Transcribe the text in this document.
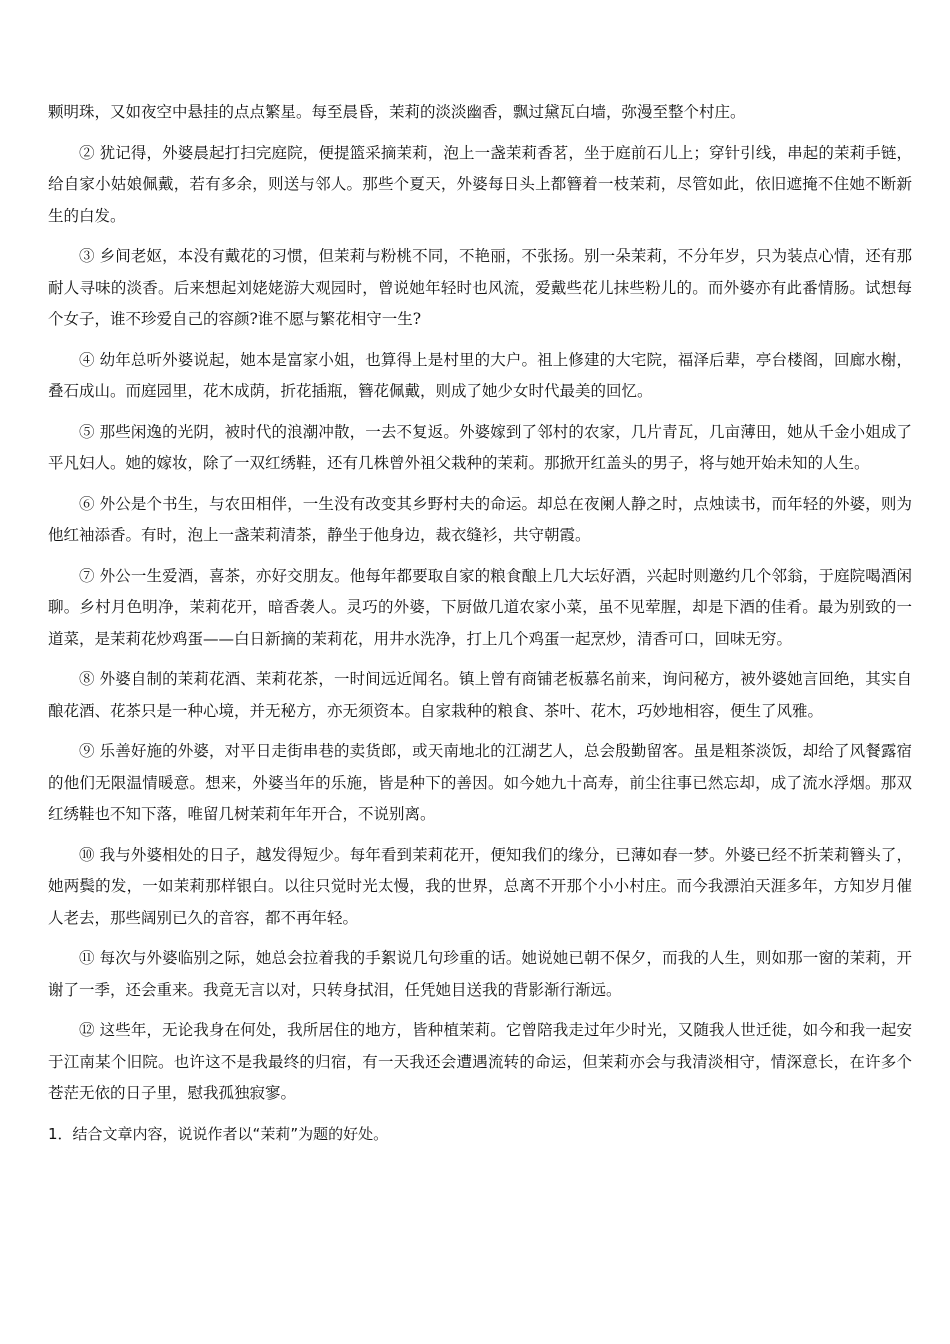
颗明珠，又如夜空中悬挂的点点繁星。每至晨昏，茉莉的淡淡幽香，飘过黛瓦白墙，弥漫至整个村庄。

② 犹记得，外婆晨起打扫完庭院，便提篮采摘茉莉，泡上一盏茉莉香茗，坐于庭前石儿上；穿针引线，串起的茉莉手链，给自家小姑娘佩戴，若有多余，则送与邻人。那些个夏天，外婆每日头上都簪着一枝茉莉，尽管如此，依旧遮掩不住她不断新生的白发。

③ 乡间老妪，本没有戴花的习惯，但茉莉与粉桃不同，不艳丽，不张扬。别一朵茉莉，不分年岁，只为装点心情，还有那耐人寻味的淡香。后来想起刘姥姥游大观园时，曾说她年轻时也风流，爱戴些花儿抹些粉儿的。而外婆亦有此番情肠。试想每个女子，谁不珍爱自己的容颜?谁不愿与繁花相守一生?

④ 幼年总听外婆说起，她本是富家小姐，也算得上是村里的大户。祖上修建的大宅院，福泽后辈，亭台楼阁，回廊水榭，叠石成山。而庭园里，花木成荫，折花插瓶，簪花佩戴，则成了她少女时代最美的回忆。

⑤ 那些闲逸的光阴，被时代的浪潮冲散，一去不复返。外婆嫁到了邻村的农家，几片青瓦，几亩薄田，她从千金小姐成了平凡妇人。她的嫁妆，除了一双红绣鞋，还有几株曾外祖父栽种的茉莉。那掀开红盖头的男子，将与她开始未知的人生。

⑥ 外公是个书生，与农田相伴，一生没有改变其乡野村夫的命运。却总在夜阑人静之时，点烛读书，而年轻的外婆，则为他红袖添香。有时，泡上一盏茉莉清茶，静坐于他身边，裁衣缝衫，共守朝霞。

⑦ 外公一生爱酒，喜茶，亦好交朋友。他每年都要取自家的粮食酿上几大坛好酒，兴起时则邀约几个邻翁，于庭院喝酒闲聊。乡村月色明净，茉莉花开，暗香袭人。灵巧的外婆，下厨做几道农家小菜，虽不见荤腥，却是下酒的佳肴。最为别致的一道菜，是茉莉花炒鸡蛋——白日新摘的茉莉花，用井水洗净，打上几个鸡蛋一起烹炒，清香可口，回味无穷。

⑧ 外婆自制的茉莉花酒、茉莉花茶，一时间远近闻名。镇上曾有商铺老板慕名前来，询问秘方，被外婆她言回绝，其实自酿花酒、花茶只是一种心境，并无秘方，亦无须资本。自家栽种的粮食、茶叶、花木，巧妙地相容，便生了风雅。

⑨ 乐善好施的外婆，对平日走街串巷的卖货郎，或天南地北的江湖艺人，总会殷勤留客。虽是粗茶淡饭，却给了风餐露宿的他们无限温情暖意。想来，外婆当年的乐施，皆是种下的善因。如今她九十高寿，前尘往事已然忘却，成了流水浮烟。那双红绣鞋也不知下落，唯留几树茉莉年年开合，不说别离。

⑩ 我与外婆相处的日子，越发得短少。每年看到茉莉花开，便知我们的缘分，已薄如春一梦。外婆已经不折茉莉簪头了，她两鬓的发，一如茉莉那样银白。以往只觉时光太慢，我的世界，总离不开那个小小村庄。而今我漂泊天涯多年，方知岁月催人老去，那些阔别已久的音容，都不再年轻。

⑪ 每次与外婆临别之际，她总会拉着我的手絮说几句珍重的话。她说她已朝不保夕，而我的人生，则如那一窗的茉莉，开谢了一季，还会重来。我竟无言以对，只转身拭泪，任凭她目送我的背影渐行渐远。

⑫ 这些年，无论我身在何处，我所居住的地方，皆种植茉莉。它曾陪我走过年少时光，又随我人世迁徙，如今和我一起安于江南某个旧院。也许这不是我最终的归宿，有一天我还会遭遇流转的命运，但茉莉亦会与我清淡相守，情深意长，在许多个苍茫无依的日子里，慰我孤独寂寥。

1．结合文章内容，说说作者以“茉莉”为题的好处。
